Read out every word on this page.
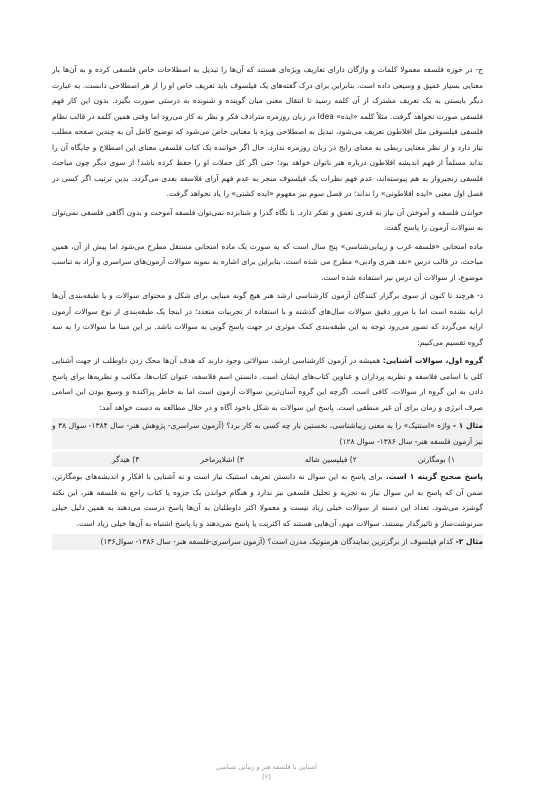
ج- در حوزه فلسفه معمولا کلمات و واژگان دارای تعاریف ویژه‌ای هستند که آن‌ها را تبدیل به اصطلاحات خاص فلسفی کرده و به آن‌ها بار معنایی بسیار عمیق و وسیعی داده است. بنابراین برای درک گفته‌های یک فیلسوف باید تعریف خاص او را از هر اصطلاحی دانست. به عبارت دیگر بایستی به یک تعریف مشترک از آن کلمه رسید تا انتقال معنی میان گوینده و شنونده به درستی صورت بگیرد. بدون این کار فهم فلسفی صورت نخواهد گرفت. مثلاً کلمه «ایده» Idea در زبان روزمره مترادف فکر و نظر به کار می‌رود اما وقتی همین کلمه در قالب نظام فلسفی فیلسوفی مثل افلاطون تعریف می‌شود، تبدیل به اصطلاحی ویژه با معنایی خاص می‌شود که توضیح کامل آن به چندین صفحه مطلب نیاز دارد و از نظر معنایی ربطی به معنای رایج در زبان روزمره ندارد. حال اگر خواننده یک کتاب فلسفی معنای این اصطلاح و جایگاه آن را نداند مسلماً از فهم اندیشه افلاطون درباره هنر ناتوان خواهد بود؛ حتی اگر کل جملات او را حفظ کرده باشد! از سوی دیگر چون مباحث فلسفی زنجیروار به هم پیوسته‌اند، عدم فهم نظرات یک فیلسوف منجر به عدم فهم آرای فلاسفه بعدی می‌گردد. بدین ترتیب اگر کسی در فصل اول معنی «ایده افلاطونی» را نداند؛ در فصل سوم نیز مفهوم «ایده کشتی» را یاد نخواهد گرفت.

خواندن فلسفه و آموختن آن نیاز به قدری تعمق و تفکر دارد. با نگاه گذرا و شتابزده نمی‌توان فلسفه آموخت و بدون آگاهی فلسفی نمی‌توان به سوالات آزمون را پاسخ گفت.

ماده امتحانی «فلسفه غرب و زیبایی‌شناسی» پنج سال است که به صورت یک ماده امتحانی مستقل مطرح می‌شود اما پیش از آن، همین مباحث، در قالب درس «نقد هنری وادبی» مطرح می شده است. بنابراین برای اشاره به نمونه سوالات آزمون‌های سراسری و آزاد به تناسب موضوع، از سوالات آن درس نیز استفاده شده است.

د- هرچند تا کنون از سوی برگزار کنندگان آزمون کارشناسی ارشد هنر هیچ گونه مبنایی برای شکل و محتوای سوالات و یا طبقه‌بندی آن‌ها ارایه نشده است اما با مرور دقیق سوالات سال‌های گذشته و با استفاده از تجربیات متعدد؛ در اینجا یک طبقه‌بندی از نوع سوالات آزمون ارایه می‌گردد که تصور می‌رود توجه به این طبقه‌بندی کمک موثری در جهت پاسخ گویی به سوالات باشد. بر این مبنا ما سوالات را به سه گروه تقسیم می‌کنیم:

گروه اول، سوالات آشنایی: همیشه در آزمون کارشناسی ارشد، سوالاتی وجود دارند که هدف آن‌ها محک زدن داوطلب از جهت آشنایی کلی با اسامی فلاسفه و نظریه پردازان و عناوین کتاب‌های ایشان است. دانستن اسم فلاسفه، عنوان کتاب‌ها، مکاتب و نظریه‌ها برای پاسخ دادن به این گروه از سوالات، کافی است. اگرچه این گروه آسان‌ترین سوالات آزمون است اما به خاطر پراکنده و وسیع بودن این اسامی صرف انرژی و زمان برای آن غیر منطقی است. پاسخ این سوالات به شکل ناخود آگاه و در خلال مطالعه به دست خواهد آمد:

مثال ۱ - واژه «استتیک» را به معنی زیباشناسی، نخستین بار چه کسی به کار برد؟ (آزمون سراسری- پژوهش هنر- سال ۱۳۸۴- سوال ۳۸ و نیز آزمون فلسفه هنر- سال ۱۳۸۶- سوال ۱۲۸)

۱) بومگارتن
۲) فیلیسین شاله
۳) اشلایرماخر
۴) هیدگر

پاسخ صحیح گزینه ۱ است. برای پاسخ به این سوال نه دانستن تعریف استتیک نیاز است و نه آشنایی با افکار و اندیشه‌های بومگارتن. ضمن آن که پاسخ به این سوال نیاز به تجزیه و تحلیل فلسفی نیز ندارد و هنگام خواندن یک جزوه یا کتاب راجع به فلسفه هنر، این نکته گوشزد می‌شود. تعداد این دسته از سوالات خیلی زیاد نیست و معمولا اکثر داوطلبان به آن‌ها پاسخ درست می‌دهند به همین دلیل خیلی سرنوشت‌ساز و تاثیرگذار نیستند. سوالات مهم، آن‌هایی هستند که اکثریت یا پاسخ نمی‌دهند و یا پاسخ اشتباه به آن‌ها خیلی زیاد است.

مثال ۲- کدام فیلسوف از برگزترین نمایندگان هرمنوتیک مدرن است؟ (آزمون سراسری-فلسفه هنر- سال ۱۳۸۶- سوال۱۳۶)

آشنایی با فلسفه هنر و زیبایی شناسی
[۲]
